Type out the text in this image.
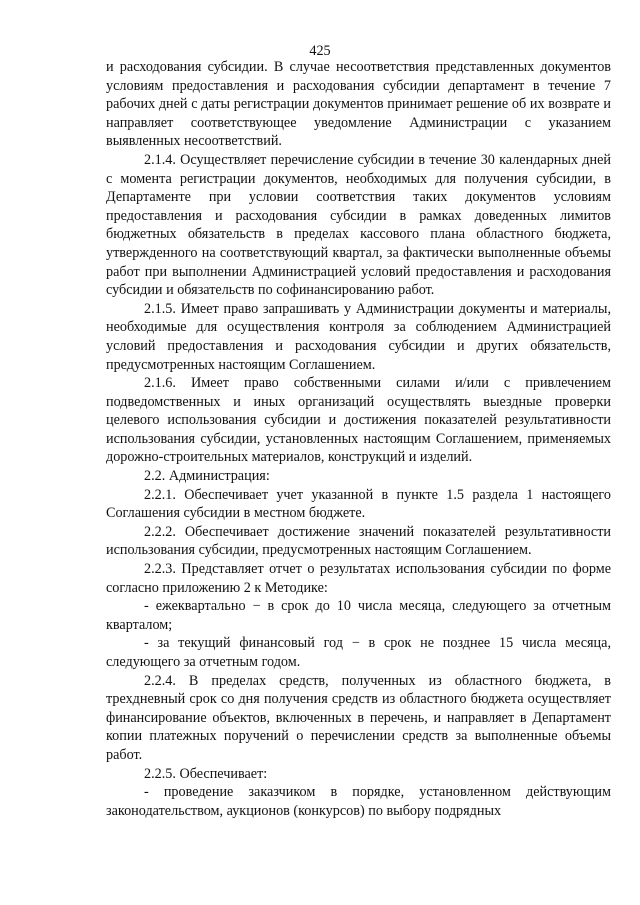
425

и расходования субсидии. В случае несоответствия представленных документов условиям предоставления и расходования субсидии департамент в течение 7 рабочих дней с даты регистрации документов принимает решение об их возврате и направляет соответствующее уведомление Администрации с указанием выявленных несоответствий.

2.1.4. Осуществляет перечисление субсидии в течение 30 календарных дней с момента регистрации документов, необходимых для получения субсидии, в Департаменте при условии соответствия таких документов условиям предоставления и расходования субсидии в рамках доведенных лимитов бюджетных обязательств в пределах кассового плана областного бюджета, утвержденного на соответствующий квартал, за фактически выполненные объемы работ при выполнении Администрацией условий предоставления и расходования субсидии и обязательств по софинансированию работ.

2.1.5. Имеет право запрашивать у Администрации документы и материалы, необходимые для осуществления контроля за соблюдением Администрацией условий предоставления и расходования субсидии и других обязательств, предусмотренных настоящим Соглашением.

2.1.6. Имеет право собственными силами и/или с привлечением подведомственных и иных организаций осуществлять выездные проверки целевого использования субсидии и достижения показателей результативности использования субсидии, установленных настоящим Соглашением, применяемых дорожно-строительных материалов, конструкций и изделий.

2.2. Администрация:

2.2.1. Обеспечивает учет указанной в пункте 1.5 раздела 1 настоящего Соглашения субсидии в местном бюджете.

2.2.2. Обеспечивает достижение значений показателей результативности использования субсидии, предусмотренных настоящим Соглашением.

2.2.3. Представляет отчет о результатах использования субсидии по форме согласно приложению 2 к Методике:

- ежеквартально − в срок до 10 числа месяца, следующего за отчетным кварталом;

- за текущий финансовый год − в срок не позднее 15 числа месяца, следующего за отчетным годом.

2.2.4. В пределах средств, полученных из областного бюджета, в трехдневный срок со дня получения средств из областного бюджета осуществляет финансирование объектов, включенных в перечень, и направляет в Департамент копии платежных поручений о перечислении средств за выполненные объемы работ.

2.2.5. Обеспечивает:

- проведение заказчиком в порядке, установленном действующим законодательством, аукционов (конкурсов) по выбору подрядных
